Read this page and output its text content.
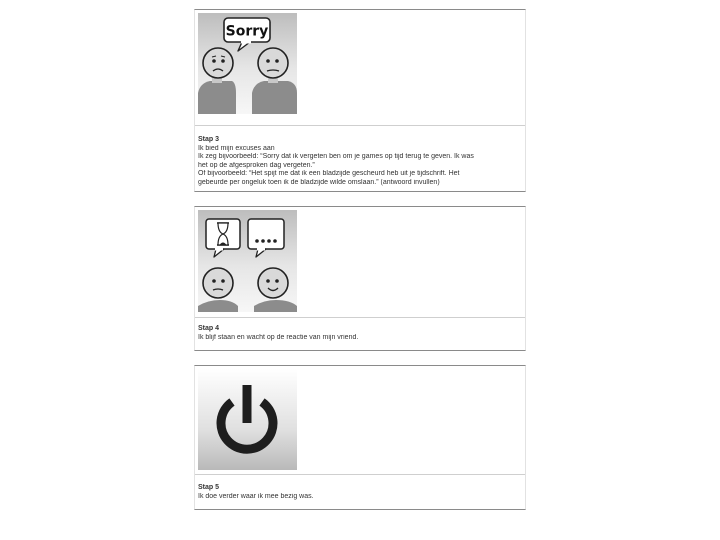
Sorry
Stap 3
Ik bied mijn excuses aan
Ik zeg bijvoorbeeld: “Sorry dat ik vergeten ben om je games op tijd terug te geven. Ik was
het op de afgesproken dag vergeten.”
Of bijvoorbeeld: “Het spijt me dat ik een bladzijde gescheurd heb uit je tijdschrift. Het
gebeurde per ongeluk toen ik de bladzijde wilde omslaan.” (antwoord invullen)
Stap 4
Ik blijf staan en wacht op de reactie van mijn vriend.
Stap 5
Ik doe verder waar ik mee bezig was.
